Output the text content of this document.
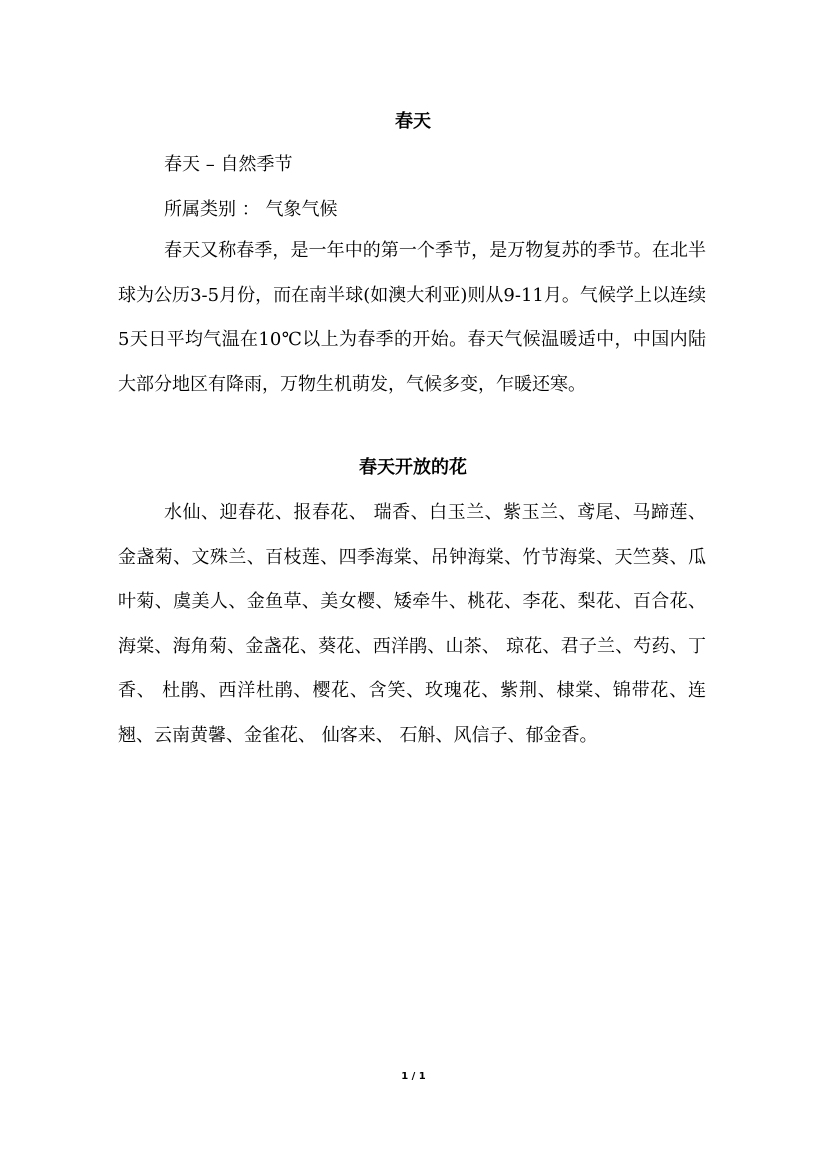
春天
春天 – 自然季节
所属类别 ： 气象气候

春天又称春季，是一年中的第一个季节，是万物复苏的季节。在北半球为公历3-5月份，而在南半球(如澳大利亚)则从9-11月。气候学上以连续5天日平均气温在10℃以上为春季的开始。春天气候温暖适中，中国内陆大部分地区有降雨，万物生机萌发，气候多变，乍暖还寒。

春天开放的花

水仙、迎春花、报春花、 瑞香、白玉兰、紫玉兰、鸢尾、马蹄莲、金盏菊、文殊兰、百枝莲、四季海棠、吊钟海棠、竹节海棠、天竺葵、瓜叶菊、虞美人、金鱼草、美女樱、矮牵牛、桃花、李花、梨花、百合花、海棠、海角菊、金盏花、葵花、西洋鹃、山茶、 琼花、君子兰、芍药、丁香、 杜鹃、西洋杜鹃、樱花、含笑、玫瑰花、紫荆、棣棠、锦带花、连翘、云南黄馨、金雀花、 仙客来、 石斛、风信子、郁金香。

1 / 1
